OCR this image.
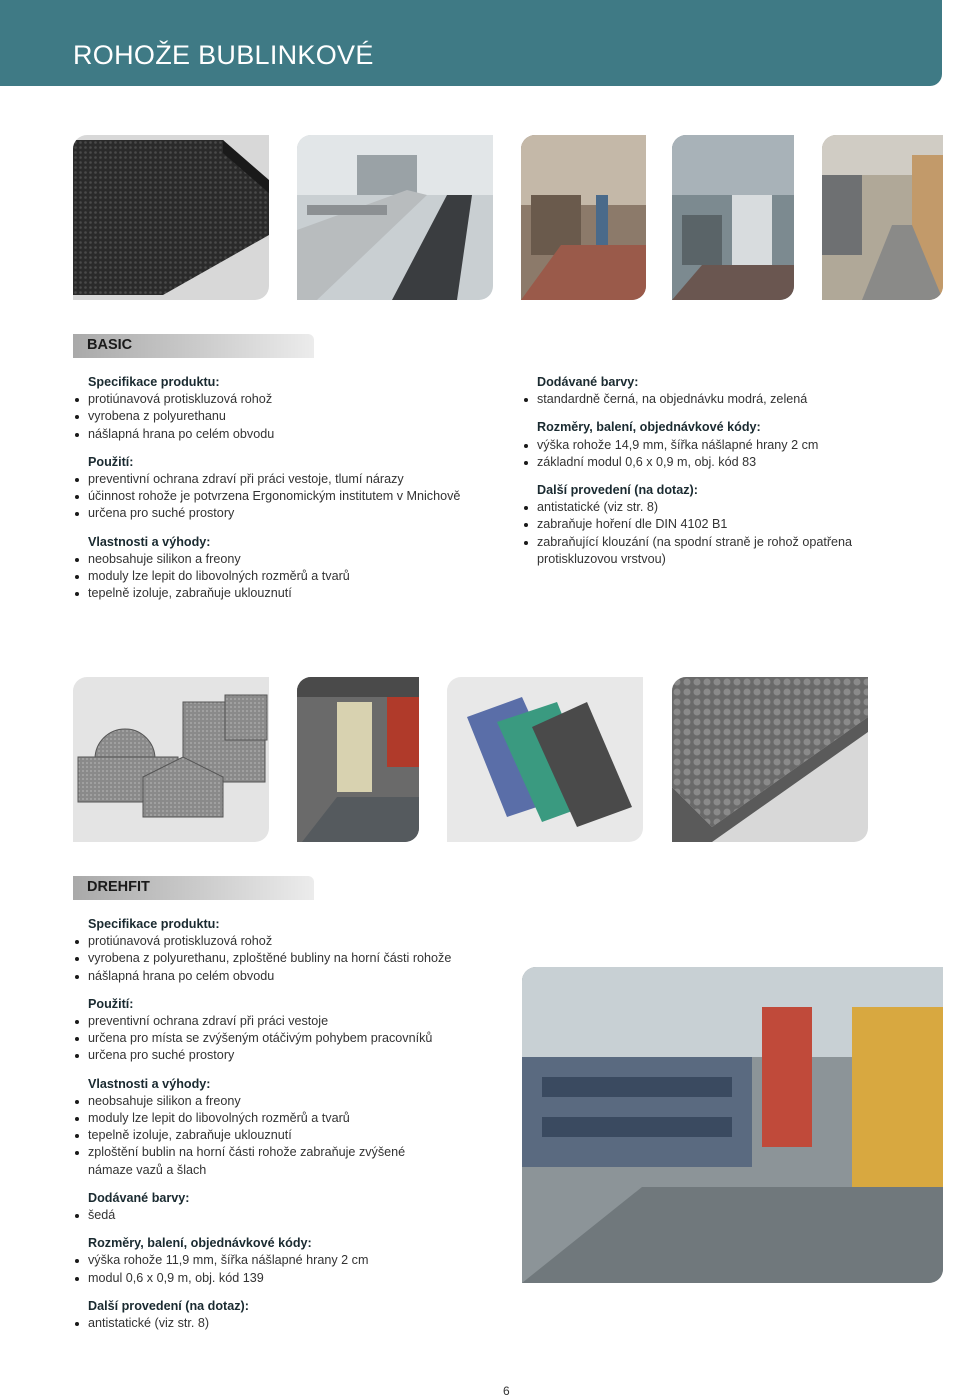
ROHOŽE BUBLINKOVÉ
BASIC
Specifikace produktu:
protiúnavová protiskluzová rohož
vyrobena z polyurethanu
nášlapná hrana po celém obvodu
Použití:
preventivní ochrana zdraví při práci vestoje, tlumí nárazy
účinnost rohože je potvrzena Ergonomickým institutem v Mnichově
určena pro suché prostory
Vlastnosti a výhody:
neobsahuje silikon a freony
moduly lze lepit do libovolných rozměrů a tvarů
tepelně izoluje, zabraňuje uklouznutí
Dodávané barvy:
standardně černá, na objednávku modrá, zelená
Rozměry, balení, objednávkové kódy:
výška rohože 14,9 mm, šířka nášlapné hrany 2 cm
základní modul 0,6 x 0,9 m, obj. kód 83
Další provedení (na dotaz):
antistatické (viz str. 8)
zabraňuje hoření dle DIN 4102 B1
zabraňující klouzání (na spodní straně je rohož opatřena protiskluzovou vrstvou)
DREHFIT
Specifikace produktu:
protiúnavová protiskluzová rohož
vyrobena z polyurethanu, zploštěné bubliny na horní části rohože
nášlapná hrana po celém obvodu
Použití:
preventivní ochrana zdraví při práci vestoje
určena pro místa se zvýšeným otáčivým pohybem pracovníků
určena pro suché prostory
Vlastnosti a výhody:
neobsahuje silikon a freony
moduly lze lepit do libovolných rozměrů a tvarů
tepelně izoluje, zabraňuje uklouznutí
zploštění bublin na horní části rohože zabraňuje zvýšené námaze vazů a šlach
Dodávané barvy:
šedá
Rozměry, balení, objednávkové kódy:
výška rohože 11,9 mm, šířka nášlapné hrany 2 cm
modul 0,6 x 0,9 m, obj. kód 139
Další provedení (na dotaz):
antistatické (viz str. 8)
6
